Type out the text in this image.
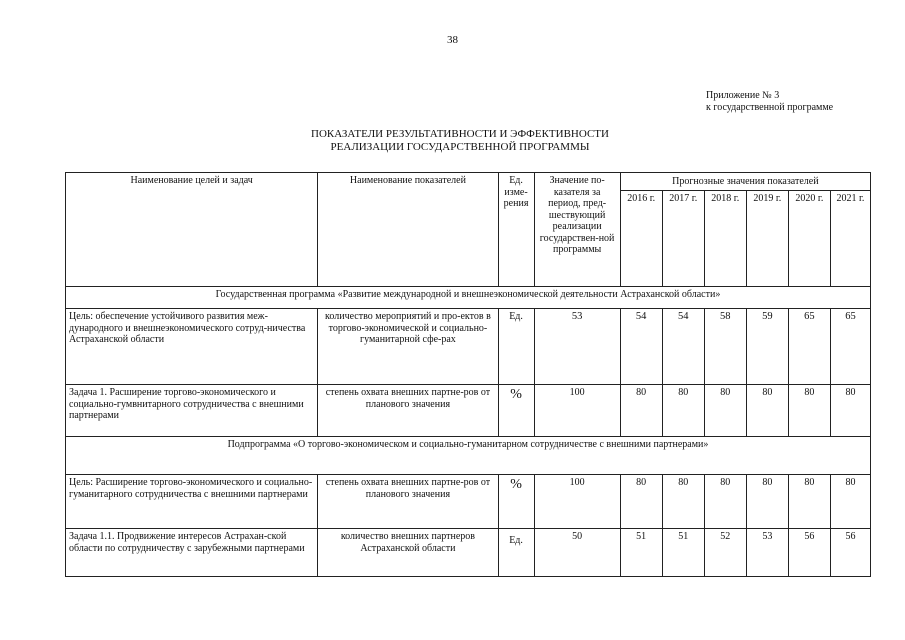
38
Приложение № 3
к государственной программе
ПОКАЗАТЕЛИ РЕЗУЛЬТАТИВНОСТИ И ЭФФЕКТИВНОСТИ
РЕАЛИЗАЦИИ ГОСУДАРСТВЕННОЙ ПРОГРАММЫ
Наименование целей и задач	Наименование показателей	Ед. изме-рения	Значение по-казателя за период, пред-шествующий реализации государствен-ной программы	Прогнозные значения показателей					
				2016 г.	2017 г.	2018 г.	2019 г.	2020 г.	2021 г.
Государственная программа «Развитие международной и внешнеэкономической деятельности Астраханской области»									
Цель: обеспечение устойчивого развития меж-дународного и внешнеэкономического сотруд-ничества Астраханской области	количество мероприятий и про-ектов в торгово-экономической и социально-гуманитарной сфе-рах	Ед.	53	54	54	58	59	65	65
Задача 1. Расширение торгово-экономического и социально-гумвнитарного сотрудничества с внешними партнерами	степень охвата внешних партне-ров от планового значения	%	100	80	80	80	80	80	80
Подпрограмма «О торгово-экономическом и социально-гуманитарном сотрудничестве с внешними партнерами»									
Цель: Расширение торгово-экономического и социально-гуманитарного сотрудничества с внешними партнерами	степень охвата внешних партне-ров от планового значения	%	100	80	80	80	80	80	80
Задача 1.1. Продвижение интересов Астрахан-ской области по сотрудничеству с зарубежными партнерами	количество внешних партнеров Астраханской области	Ед.	50	51	51	52	53	56	56
